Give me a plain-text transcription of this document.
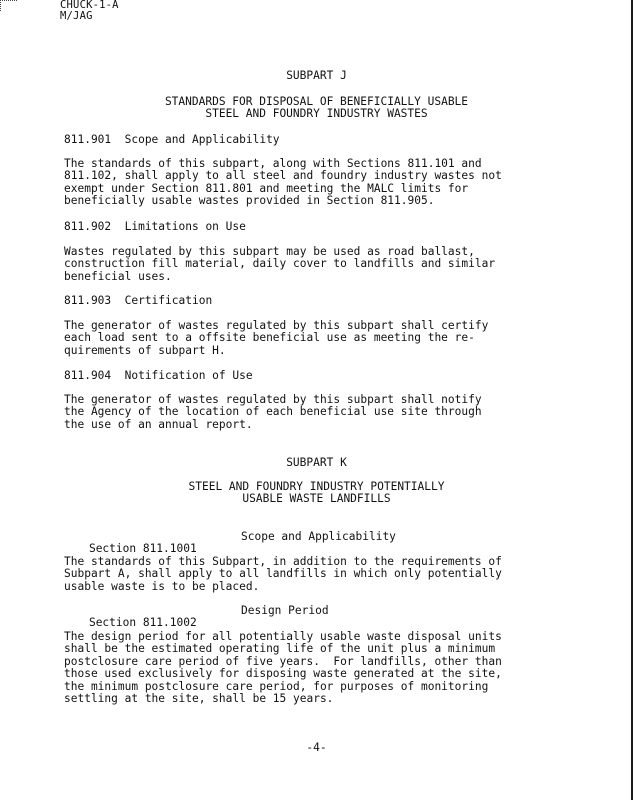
CHUCK-1-A
M/JAG
SUBPART J
STANDARDS FOR DISPOSAL OF BENEFICIALLY USABLE
STEEL AND FOUNDRY INDUSTRY WASTES
811.901  Scope and Applicability
The standards of this subpart, along with Sections 811.101 and
811.102, shall apply to all steel and foundry industry wastes not
exempt under Section 811.801 and meeting the MALC limits for
beneficially usable wastes provided in Section 811.905.
811.902  Limitations on Use
Wastes regulated by this subpart may be used as road ballast,
construction fill material, daily cover to landfills and similar
beneficial uses.
811.903  Certification
The generator of wastes regulated by this subpart shall certify
each load sent to a offsite beneficial use as meeting the re-
quirements of subpart H.
811.904  Notification of Use
The generator of wastes regulated by this subpart shall notify
the Agency of the location of each beneficial use site through
the use of an annual report.
SUBPART K
STEEL AND FOUNDRY INDUSTRY POTENTIALLY
USABLE WASTE LANDFILLS

Section 811.1001

Scope and Applicability

The standards of this Subpart, in addition to the requirements of
Subpart A, shall apply to all landfills in which only potentially
usable waste is to be placed.

Section 811.1002

Design Period

The design period for all potentially usable waste disposal units
shall be the estimated operating life of the unit plus a minimum
postclosure care period of five years.  For landfills, other than
those used exclusively for disposing waste generated at the site,
the minimum postclosure care period, for purposes of monitoring
settling at the site, shall be 15 years.
-4-
